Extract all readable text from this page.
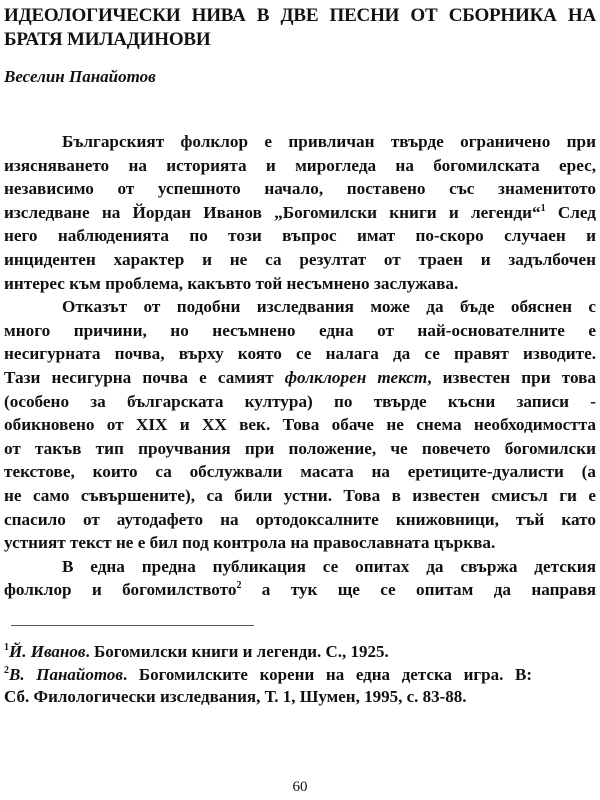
ИДЕОЛОГИЧЕСКИ НИВА В ДВЕ ПЕСНИ ОТ СБОРНИКА НА
БРАТЯ МИЛАДИНОВИ
Веселин Панайотов
Българският фолклор е привличан твърде ограничено при
изясняването на историята и мирогледа на богомилската ерес,
независимо от успешното начало, поставено със знаменитото
изследване на Йордан Иванов „Богомилски книги и легенди“$^1$ След
него наблюденията по този въпрос имат по-скоро случаен и
инцидентен характер и не са резултат от траен и задълбочен
интерес към проблема, какъвто той несъмнено заслужава.
Отказът от подобни изследвания може да бъде обяснен с
много причини, но несъмнено една от най-основателните е
несигурната почва, върху която се налага да се правят изводите.
Тази несигурна почва е самият фолклорен текст, известен при това
(особено за българската култура) по твърде късни записи -
обикновено от XIX и XX век. Това обаче не снема необходимостта
от такъв тип проучвания при положение, че повечето богомилски
текстове, които са обслужвали масата на еретиците-дуалисти (а
не само съвършените), са били устни. Това в известен смисъл ги е
спасило от аутодафето на ортодоксалните книжовници, тъй като
устният текст не е бил под контрола на православната църква.
В една предна публикация се опитах да свържа детския
фолклор и богомилството$^2$ а тук ще се опитам да направя
$^1$Й. Иванов. Богомилски книги и легенди. С., 1925.
$^2$В. Панайотов. Богомилските корени на една детска игра. В:
Сб. Филологически изследвания, Т. 1, Шумен, 1995, с. 83-88.
60
